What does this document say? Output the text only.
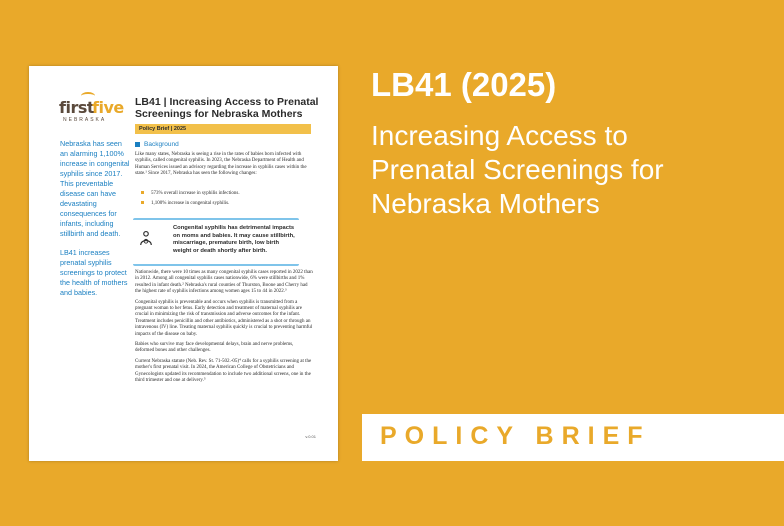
first
five
NEBRASKA

Nebraska has seen an alarming 1,100% increase in congenital syphilis since 2017. This preventable disease can have devastating consequences for infants, including stillbirth and death.

LB41 increases prenatal syphilis screenings to protect the health of mothers and babies.

LB41 | Increasing Access to Prenatal Screenings for Nebraska Mothers
Policy Brief | 2025
Background
Like many states, Nebraska is seeing a rise in the rates of babies born infected with syphilis, called congenital syphilis. In 2023, the Nebraska Department of Health and Human Services issued an advisory regarding the increase in syphilis cases within the state.¹ Since 2017, Nebraska has seen the following changes:
573% overall increase in syphilis infections.
1,100% increase in congenital syphilis.
Congenital syphilis has detrimental impacts on moms and babies. It may cause stillbirth, miscarriage, premature birth, low birth weight or death shortly after birth.

Nationwide, there were 10 times as many congenital syphilis cases reported in 2022 than in 2012. Among all congenital syphilis cases nationwide, 6% were stillbirths and 1% resulted in infant death.² Nebraska's rural counties of Thurston, Boone and Cherry had the highest rate of syphilis infections among women ages 15 to 44 in 2022.³

Congenital syphilis is preventable and occurs when syphilis is transmitted from a pregnant woman to her fetus. Early detection and treatment of maternal syphilis are crucial in minimizing the risk of transmission and adverse outcomes for the infant. Treatment includes penicillin and other antibiotics, administered as a shot or through an intravenous (IV) line. Treating maternal syphilis quickly is crucial to preventing harmful impacts of the disease on baby.

Babies who survive may face developmental delays, brain and nerve problems, deformed bones and other challenges.

Current Nebraska statute (Neb. Rev. St. 71-502.-05)⁴ calls for a syphilis screening at the mother's first prenatal visit. In 2024, the American College of Obstetricians and Gynecologists updated its recommendation to include two additional screens, one in the third trimester and one at delivery.⁵

v.0.01
LB41 (2025)
Increasing Access to Prenatal Screenings for Nebraska Mothers
POLICY BRIEF
